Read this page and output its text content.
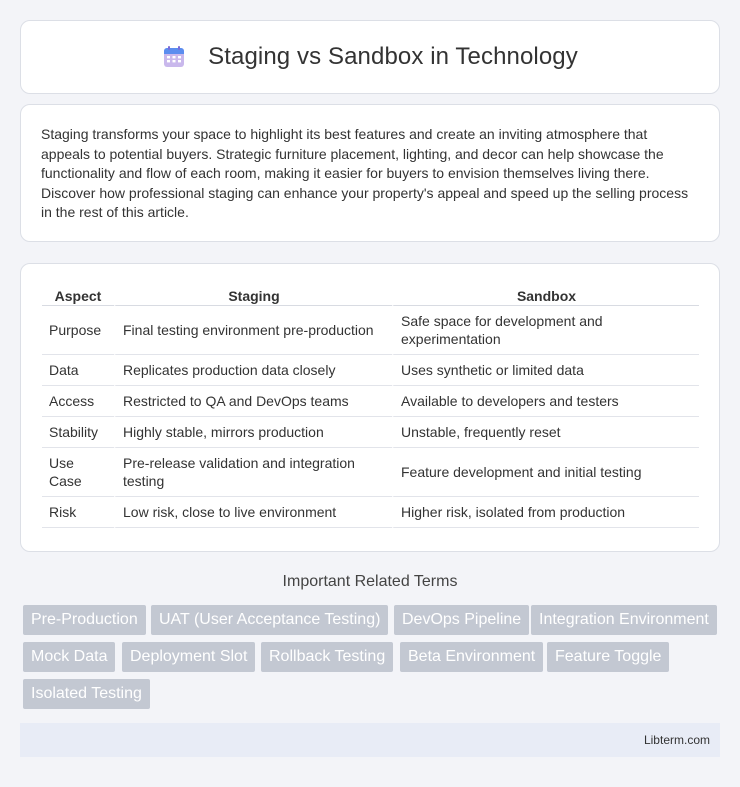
Staging vs Sandbox in Technology

Staging transforms your space to highlight its best features and create an inviting atmosphere that appeals to potential buyers. Strategic furniture placement, lighting, and decor can help showcase the functionality and flow of each room, making it easier for buyers to envision themselves living there. Discover how professional staging can enhance your property's appeal and speed up the selling process in the rest of this article.

Aspect	Staging	Sandbox
Purpose	Final testing environment pre-production	Safe space for development and experimentation
Data	Replicates production data closely	Uses synthetic or limited data
Access	Restricted to QA and DevOps teams	Available to developers and testers
Stability	Highly stable, mirrors production	Unstable, frequently reset
Use Case	Pre-release validation and integration testing	Feature development and initial testing
Risk	Low risk, close to live environment	Higher risk, isolated from production
Important Related Terms
Pre-Production	UAT (User Acceptance Testing)	DevOps Pipeline	Integration Environment
Mock Data	Deployment Slot	Rollback Testing	Beta Environment	Feature Toggle
Isolated Testing
Libterm.com
